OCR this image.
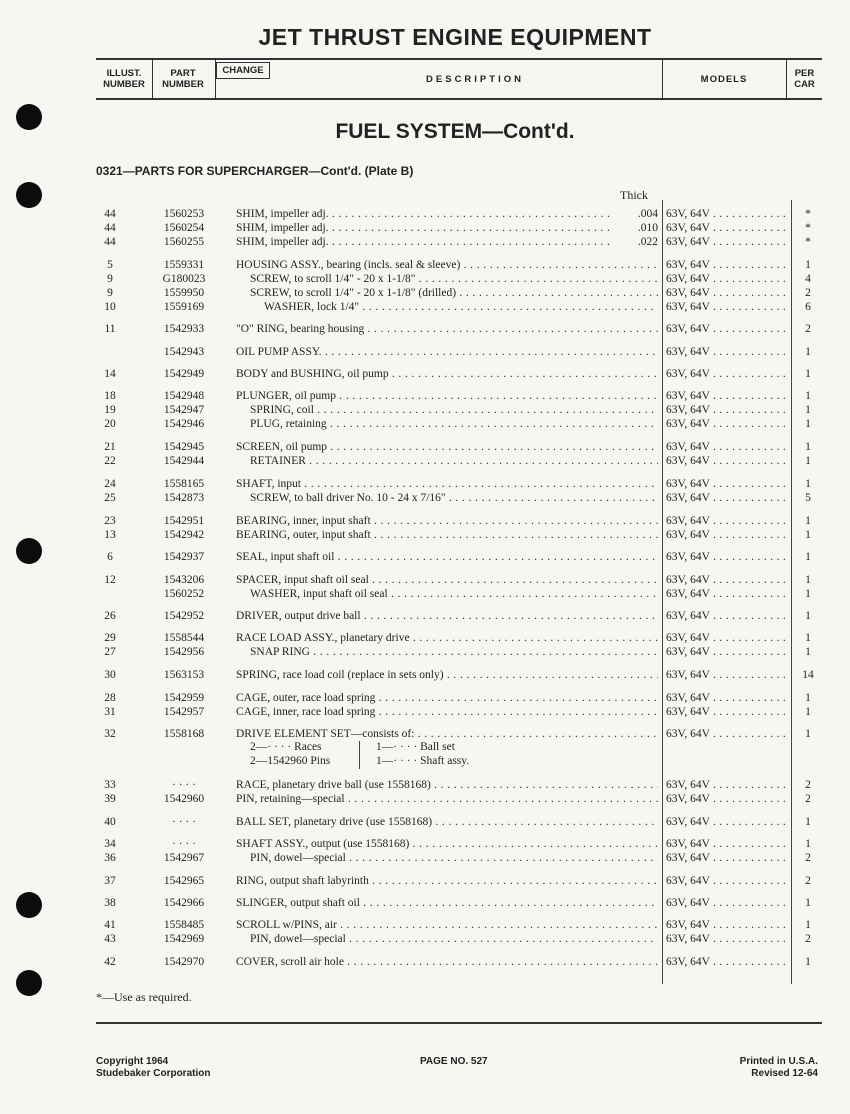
JET THRUST ENGINE EQUIPMENT
ILLUST. NUMBER
PART NUMBER
CHANGE
DESCRIPTION	MODELS	PER CAR
FUEL SYSTEM—Cont'd.
0321—PARTS FOR SUPERCHARGER—Cont'd. (Plate B)
Thick
44	1560253	SHIM, impeller adj. . . .	.004 63V, 64V . . .	*
44	1560254	SHIM, impeller adj. . . .	.010 63V, 64V . . .	*
44	1560255	SHIM, impeller adj. . . .	.022 63V, 64V . . .	*
5	1559331	HOUSING ASSY., bearing (incls. seal & sleeve) . . .	63V, 64V . . .	1
9	G180023	SCREW, to scroll 1/4" - 20 x 1-1/8" . . .	63V, 64V . . .	4
9	1559950	SCREW, to scroll 1/4" - 20 x 1-1/8" (drilled) . . .	63V, 64V . . .	2
10	1559169	WASHER, lock 1/4" . . .	63V, 64V . . .	6
11	1542933	"O" RING, bearing housing . . .	63V, 64V . . .	2
1542943	OIL PUMP ASSY. . . .	63V, 64V . . .	1
14	1542949	BODY and BUSHING, oil pump . . .	63V, 64V . . .	1
18	1542948	PLUNGER, oil pump . . .	63V, 64V . . .	1
19	1542947	SPRING, coil . . .	63V, 64V . . .	1
20	1542946	PLUG, retaining . . .	63V, 64V . . .	1
21	1542945	SCREEN, oil pump . . .	63V, 64V . . .	1
22	1542944	RETAINER . . .	63V, 64V . . .	1
24	1558165	SHAFT, input . . .	63V, 64V . . .	1
25	1542873	SCREW, to ball driver No. 10 - 24 x 7/16" . . .	63V, 64V . . .	5
23	1542951	BEARING, inner, input shaft . . .	63V, 64V . . .	1
13	1542942	BEARING, outer, input shaft . . .	63V, 64V . . .	1
6	1542937	SEAL, input shaft oil . . .	63V, 64V . . .	1
12	1543206	SPACER, input shaft oil seal . . .	63V, 64V . . .	1
1560252	WASHER, input shaft oil seal . . .	63V, 64V . . .	1
26	1542952	DRIVER, output drive ball . . .	63V, 64V . . .	1
29	1558544	RACE LOAD ASSY., planetary drive . . .	63V, 64V . . .	1
27	1542956	SNAP RING . . .	63V, 64V . . .	1
30	1563153	SPRING, race load coil (replace in sets only) . . .	63V, 64V . . .	14
28	1542959	CAGE, outer, race load spring . . .	63V, 64V . . .	1
31	1542957	CAGE, inner, race load spring . . .	63V, 64V . . .	1
32	1558168	DRIVE ELEMENT SET—consists of: . . .	63V, 64V . . .	1
33	· · · ·	RACE, planetary drive ball (use 1558168) . . .	63V, 64V . . .	2
39	1542960	PIN, retaining—special . . .	63V, 64V . . .	2
40	· · · ·	BALL SET, planetary drive (use 1558168) . . .	63V, 64V . . .	1
34	· · · ·	SHAFT ASSY., output (use 1558168) . . .	63V, 64V . . .	1
36	1542967	PIN, dowel—special . . .	63V, 64V . . .	2
37	1542965	RING, output shaft labyrinth . . .	63V, 64V . . .	2
38	1542966	SLINGER, output shaft oil . . .	63V, 64V . . .	1
41	1558485	SCROLL w/PINS, air . . .	63V, 64V . . .	1
43	1542969	PIN, dowel—special . . .	63V, 64V . . .	2
42	1542970	COVER, scroll air hole . . .	63V, 64V . . .	1
2—· · · · Races
2—1542960 Pins
1—· · · · Ball set
1—· · · · Shaft assy.
*—Use as required.
Copyright 1964
Studebaker Corporation
PAGE NO. 527	Printed in U.S.A.
Revised 12-64
